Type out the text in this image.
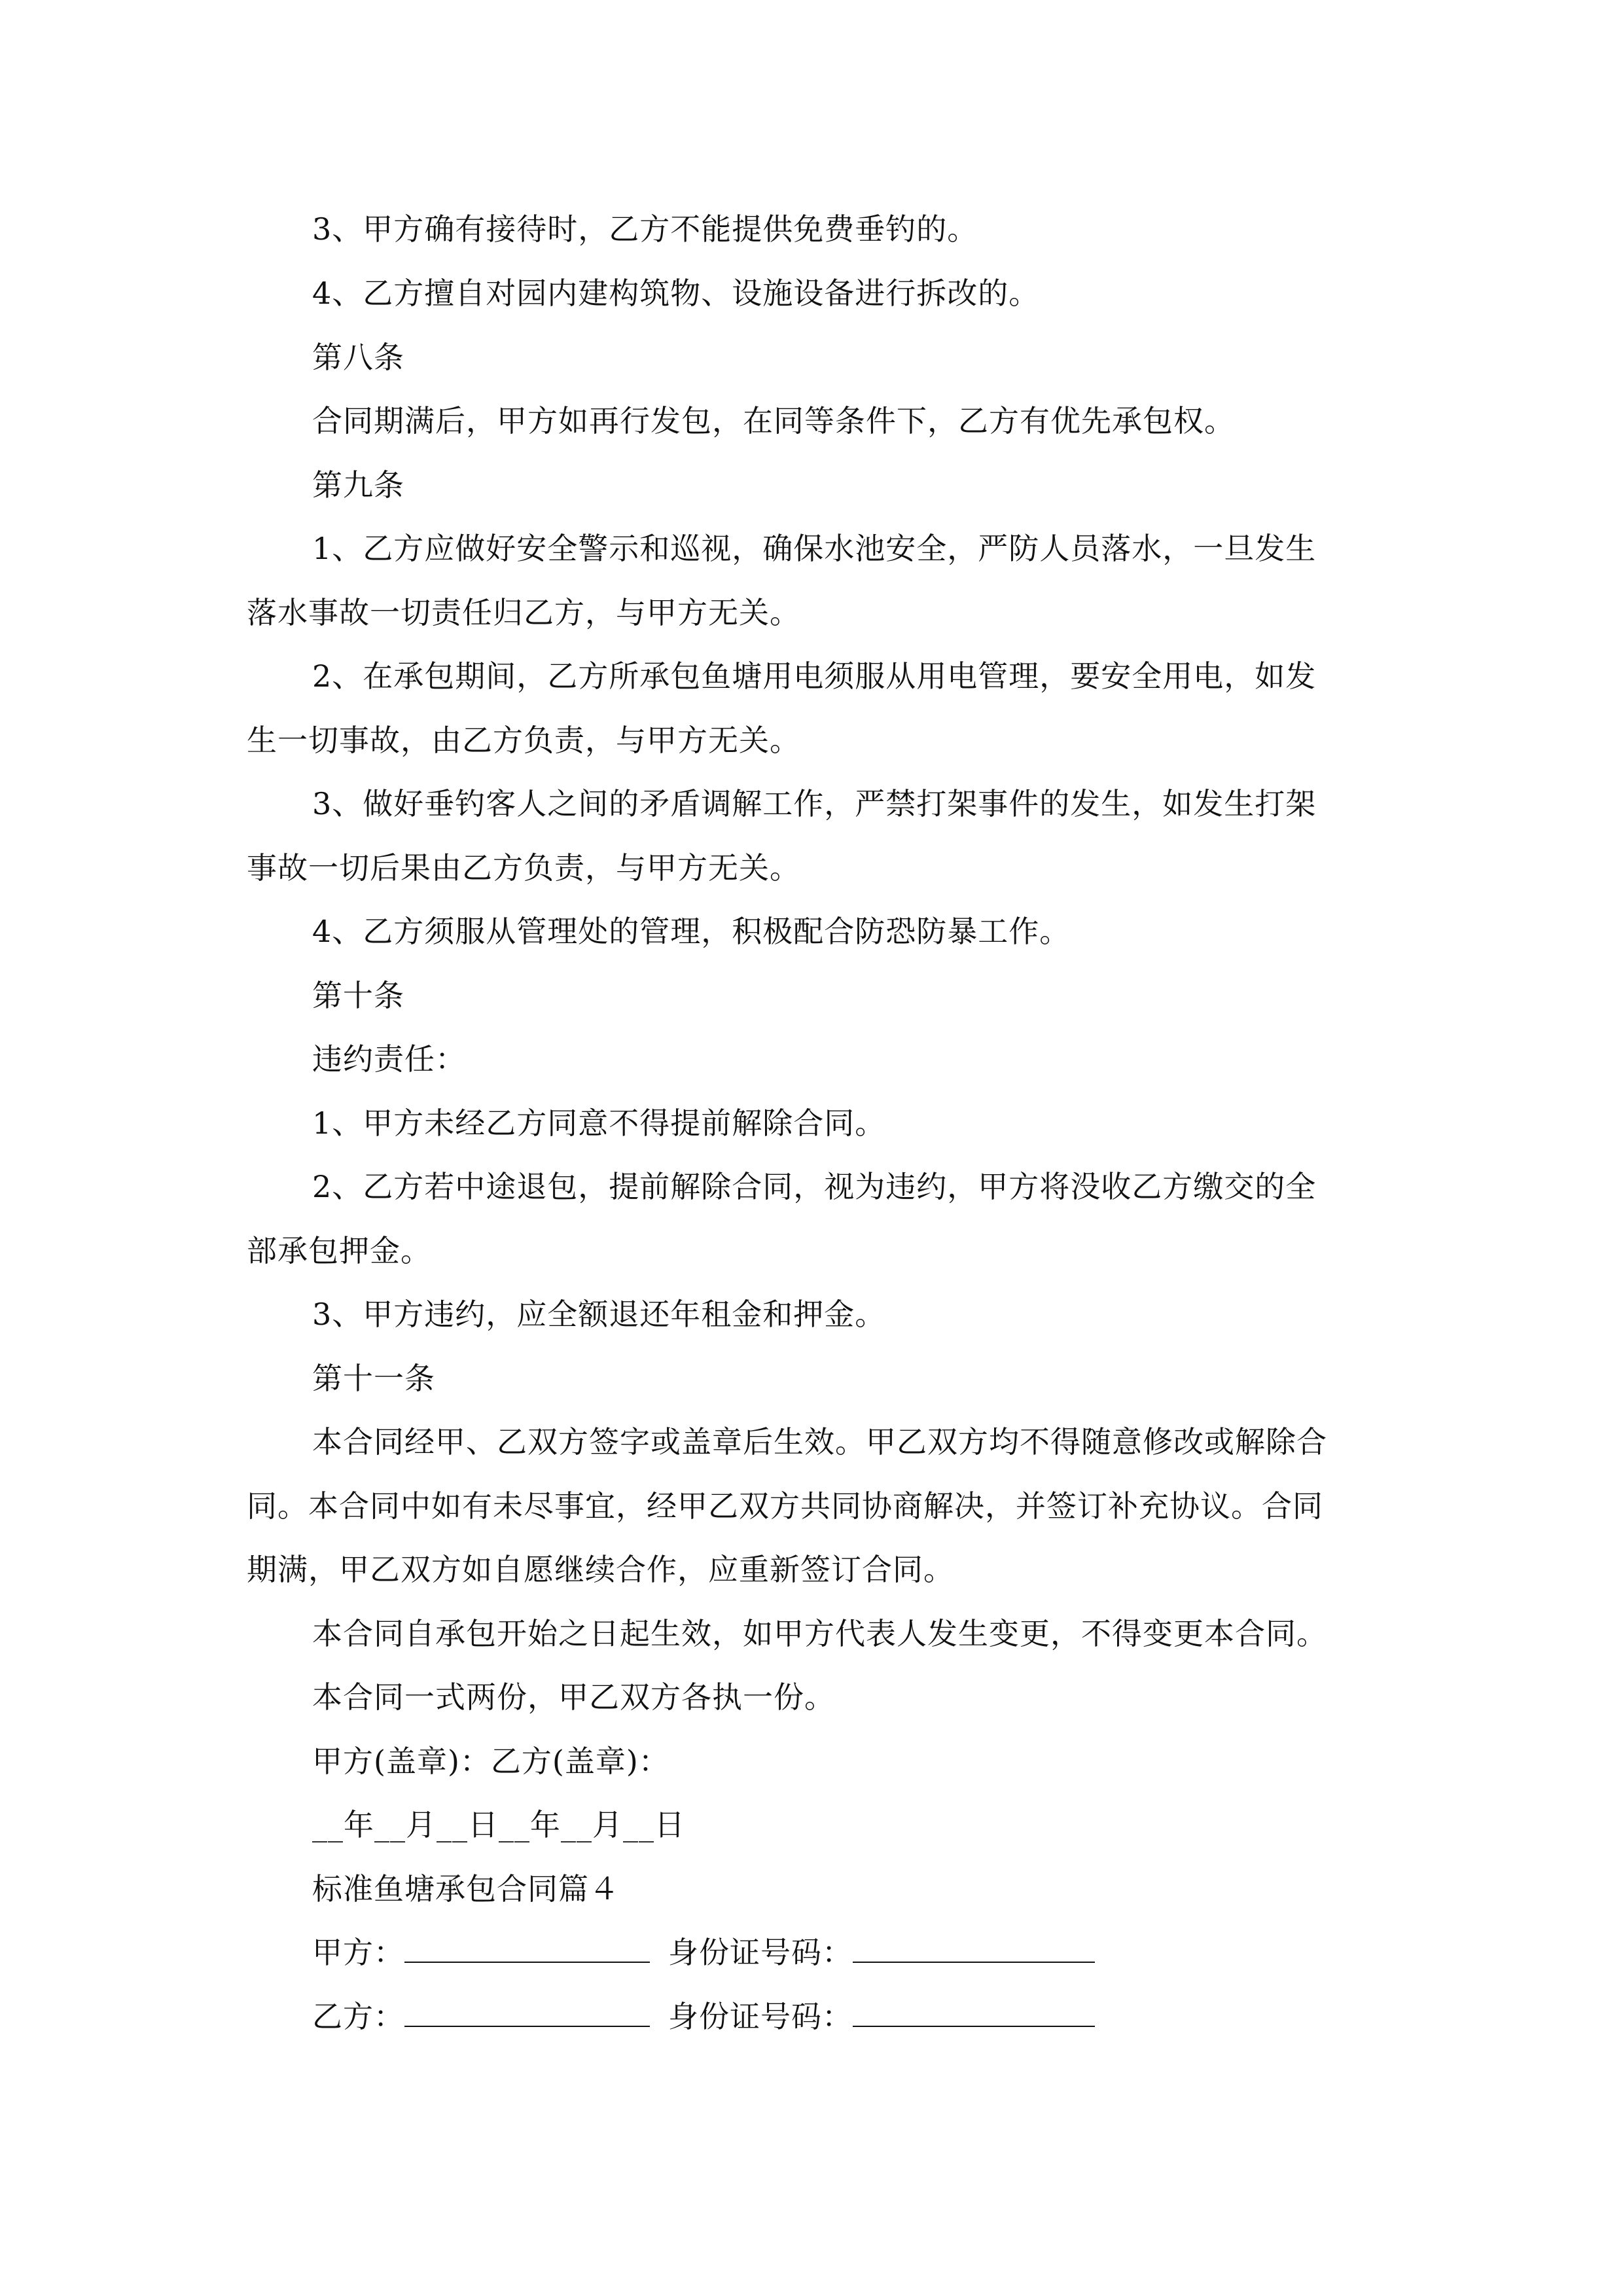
3、甲方确有接待时，乙方不能提供免费垂钓的。
4、乙方擅自对园内建构筑物、设施设备进行拆改的。
第八条
合同期满后，甲方如再行发包，在同等条件下，乙方有优先承包权。
第九条
1、乙方应做好安全警示和巡视，确保水池安全，严防人员落水，一旦发生
落水事故一切责任归乙方，与甲方无关。
2、在承包期间，乙方所承包鱼塘用电须服从用电管理，要安全用电，如发
生一切事故，由乙方负责，与甲方无关。
3、做好垂钓客人之间的矛盾调解工作，严禁打架事件的发生，如发生打架
事故一切后果由乙方负责，与甲方无关。
4、乙方须服从管理处的管理，积极配合防恐防暴工作。
第十条
违约责任：
1、甲方未经乙方同意不得提前解除合同。
2、乙方若中途退包，提前解除合同，视为违约，甲方将没收乙方缴交的全
部承包押金。
3、甲方违约，应全额退还年租金和押金。
第十一条
本合同经甲、乙双方签字或盖章后生效。甲乙双方均不得随意修改或解除合
同。本合同中如有未尽事宜，经甲乙双方共同协商解决，并签订补充协议。合同
期满，甲乙双方如自愿继续合作，应重新签订合同。
本合同自承包开始之日起生效，如甲方代表人发生变更，不得变更本合同。
本合同一式两份，甲乙双方各执一份。
甲方(盖章)：乙方(盖章)：
__年__月__日__年__月__日
标准鱼塘承包合同篇４
甲方：	身份证号码：
乙方：	身份证号码：
